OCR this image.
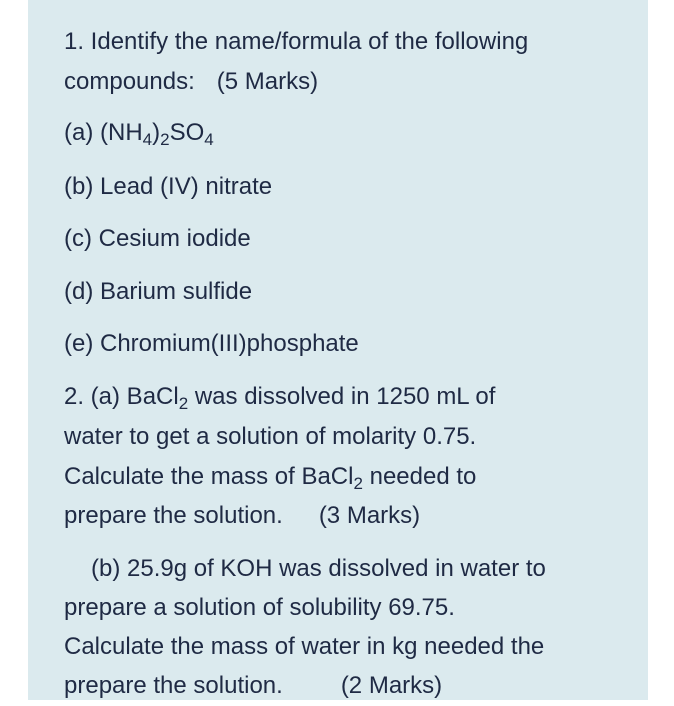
1. Identify the name/formula of the following
compounds: (5 Marks)
(a) $(NH_4)_2SO_4$
(b) Lead (IV) nitrate
(c) Cesium iodide
(d) Barium sulfide
(e) Chromium(III)phosphate
2. (a) BaCl$_2$ was dissolved in 1250 mL of
water to get a solution of molarity 0.75.
Calculate the mass of BaCl$_2$ needed to
prepare the solution. (3 Marks)
(b) 25.9g of KOH was dissolved in water to
prepare a solution of solubility 69.75.
Calculate the mass of water in kg needed the
prepare the solution. (2 Marks)
